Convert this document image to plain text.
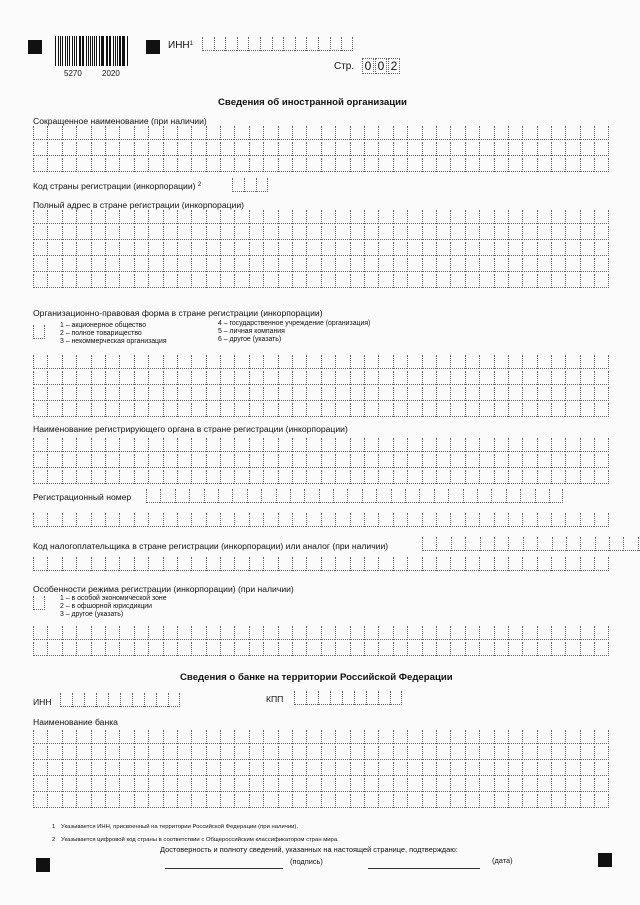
5270	2020
ИНН$^1$
Стр. 0 0 2
Сведения об иностранной организации
Сокращенное наименование (при наличии)
Код страны регистрации (инкорпорации) $^2$
Полный адрес в стране регистрации (инкорпорации)
Организационно-правовая форма в стране регистрации (инкорпорации)
1 – акционерное общество
2 – полное товарищество
3 – некоммерческая организация
4 – государственное учреждение (организация)
5 – личная компания
6 – другое (указать)
Наименование регистрирующего органа в стране регистрации (инкорпорации)
Регистрационный номер
Код налогоплательщика в стране регистрации (инкорпорации) или аналог (при наличии)
Особенности режима регистрации (инкорпорации) (при наличии)
1 – в особой экономической зоне
2 – в офшорной юрисдикции
3 – другое (указать)
Сведения о банке на территории Российской Федерации
ИНН	КПП
Наименование банка
1 Указывается ИНН, присвоенный на территории Российской Федерации (при наличии).
2 Указывается цифровой код страны в соответствии с Общероссийским классификатором стран мира.
Достоверность и полноту сведений, указанных на настоящей странице, подтверждаю:
(подпись)	(дата)
